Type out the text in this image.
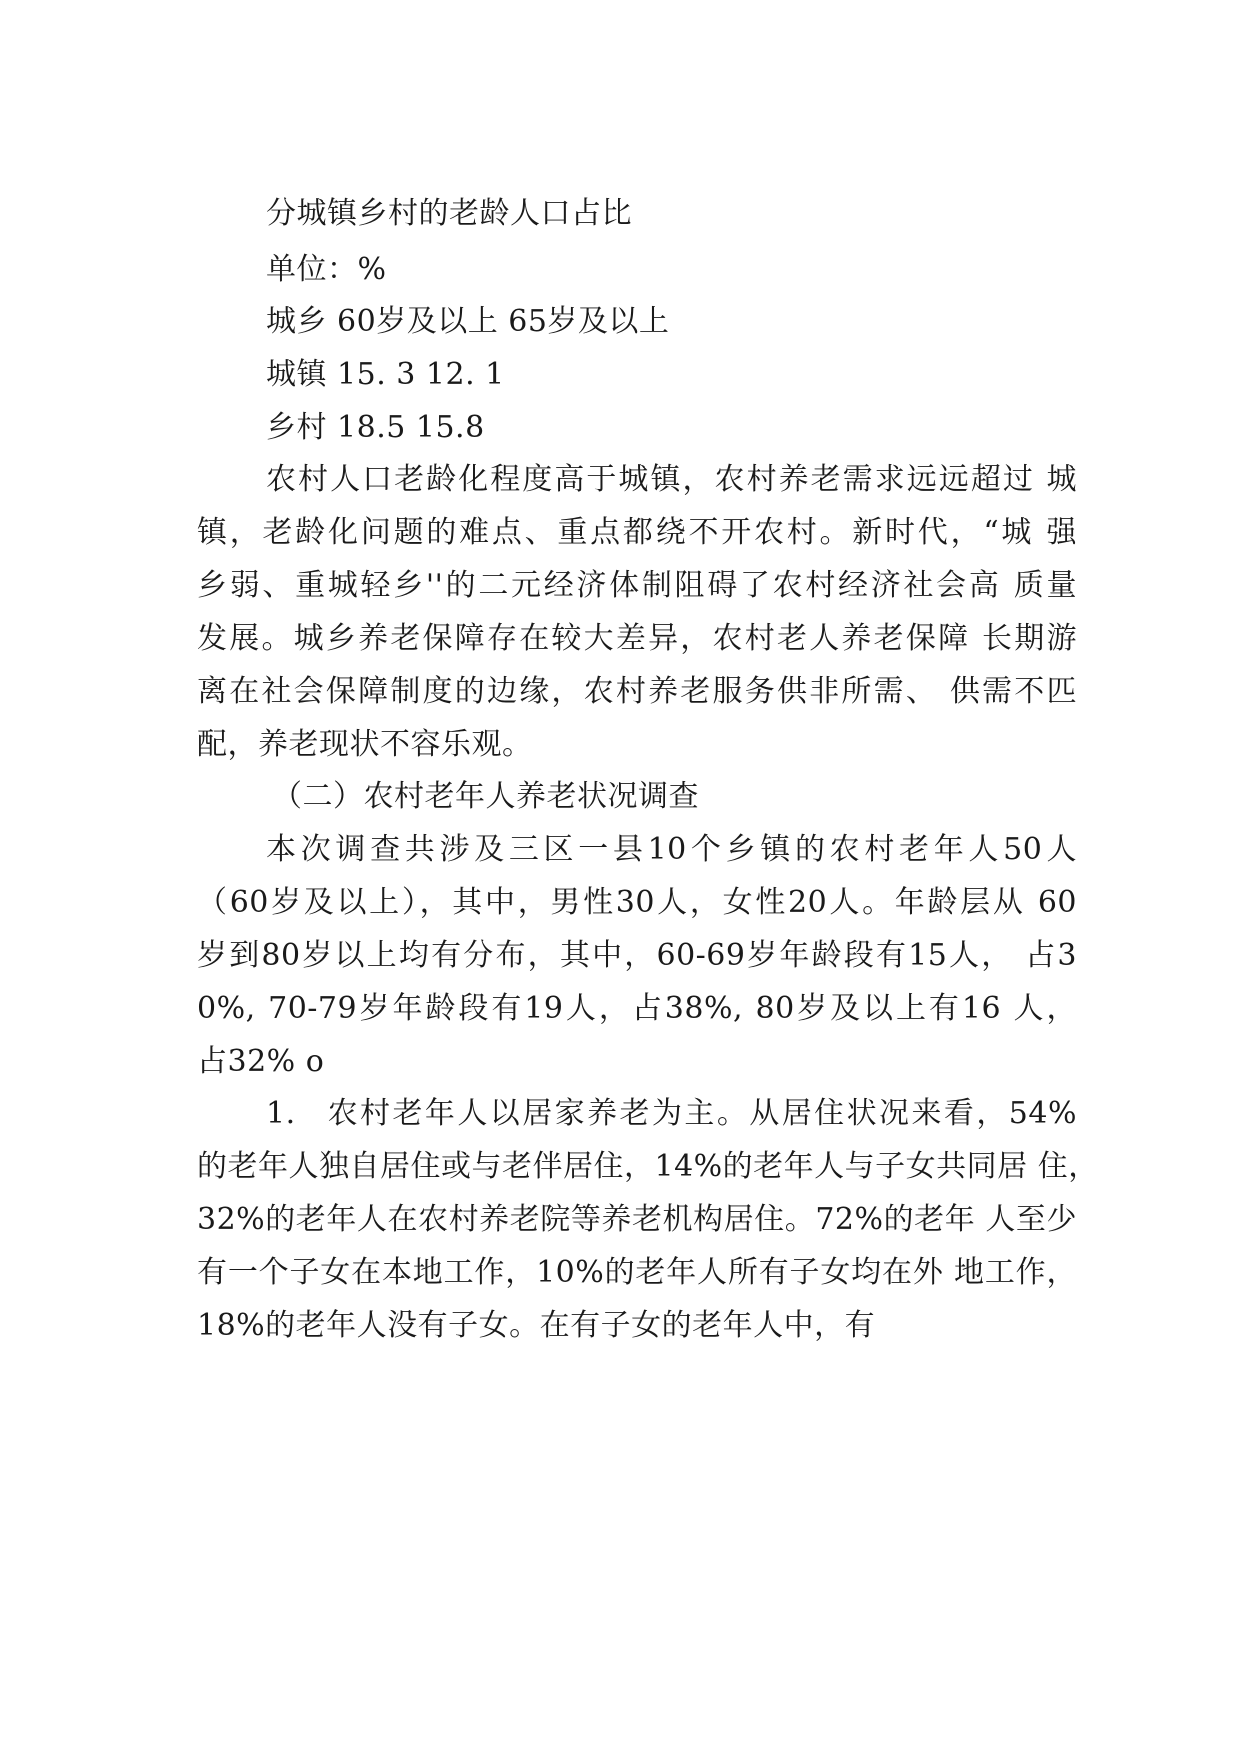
分城镇乡村的老龄人口占比
单位：%
城乡 60岁及以上 65岁及以上
城镇 15. 3 12. 1
乡村 18.5 15.8
农村人口老龄化程度高于城镇，农村养老需求远远超过 城
镇，老龄化问题的难点、重点都绕不开农村。新时代，“城 强
乡弱、重城轻乡''的二元经济体制阻碍了农村经济社会高 质量
发展。城乡养老保障存在较大差异，农村老人养老保障 长期游
离在社会保障制度的边缘，农村养老服务供非所需、 供需不匹
配，养老现状不容乐观。
（二）农村老年人养老状况调查
本次调查共涉及三区一县10个乡镇的农村老年人50人
（60岁及以上），其中，男性30人，女性20人。年龄层从 60
岁到80岁以上均有分布，其中，60-69岁年龄段有15人， 占3
0%, 70-79岁年龄段有19人，占38%, 80岁及以上有16 人，
占32% o
1. 农村老年人以居家养老为主。从居住状况来看，54%
的老年人独自居住或与老伴居住，14%的老年人与子女共同居 住，
32%的老年人在农村养老院等养老机构居住。72%的老年 人至少
有一个子女在本地工作，10%的老年人所有子女均在外 地工作，
18%的老年人没有子女。在有子女的老年人中，有
